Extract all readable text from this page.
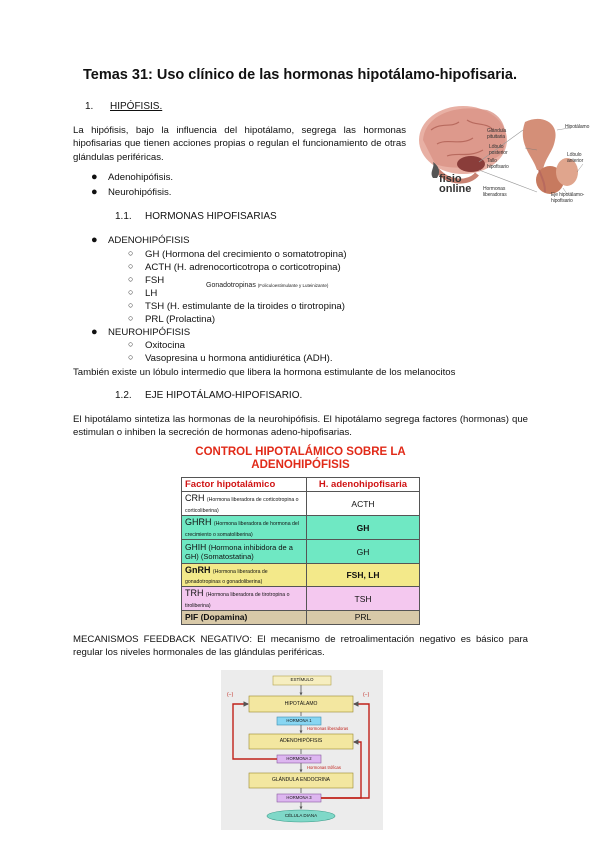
Temas 31: Uso clínico de las hormonas hipotálamo-hipofisaria.
1. HIPÓFISIS.
La hipófisis, bajo la influencia del hipotálamo, segrega las hormonas hipofisarias que tienen acciones propias o regulan el funcionamiento de otras glándulas periféricas.
● Adenohipófisis.
● Neurohipófisis.
fisio
online
Glándula pituitaria
Lóbulo anterior
Lóbulo posterior
Hipotálamo
Tallo hipofisario
Hormonas liberadoras	Eje hipotálamo-hipofisario
1.1. HORMONAS HIPOFISARIAS
● ADENOHIPÓFISIS
○ GH (Hormona del crecimiento o somatotropina)
○ ACTH (H. adrenocorticotropa o corticotropina)
○ FSH
○ LH
Gonadotropinas (Foliculoestimulante y Luteinizante)
○ TSH (H. estimulante de la tiroides o tirotropina)
○ PRL (Prolactina)
● NEUROHIPÓFISIS
○ Oxitocina
○ Vasopresina u hormona antidiurética (ADH).
También existe un lóbulo intermedio que libera la hormona estimulante de los melanocitos
1.2. EJE HIPOTÁLAMO-HIPOFISARIO.
El hipotálamo sintetiza las hormonas de la neurohipófisis. El hipotálamo segrega factores (hormonas) que estimulan o inhiben la secreción de hormonas adeno-hipofisarias.
CONTROL HIPOTALÁMICO SOBRE LA
ADENOHIPÓFISIS
Factor hipotalámico	H. adenohipofisaria
CRH (Hormona liberadora de corticotropina o corticoliberina)	ACTH
GHRH (Hormona liberadora de hormona del crecimiento o somatoliberina)	GH
GHIH (Hormona inhibidora de a GH) (Somatostatina)	GH
GnRH (Hormona liberadora de gonadotropinas o gonadoliberina)	FSH, LH
TRH (Hormona liberadora de tirotropina o tiroliberina)	TSH
PIF (Dopamina)	PRL
MECANISMOS FEEDBACK NEGATIVO: El mecanismo de retroalimentación negativo es básico para regular los niveles hormonales de las glándulas periféricas.
ESTÍMULO
HIPOTÁLAMO
HORMONA 1
ADENOHIPÓFISIS
HORMONA 2
GLÁNDULA ENDOCRINA
HORMONA 3
CÉLULA DIANA
Hormonas liberadoras
Hormonas tróficas
(−)	(−)
